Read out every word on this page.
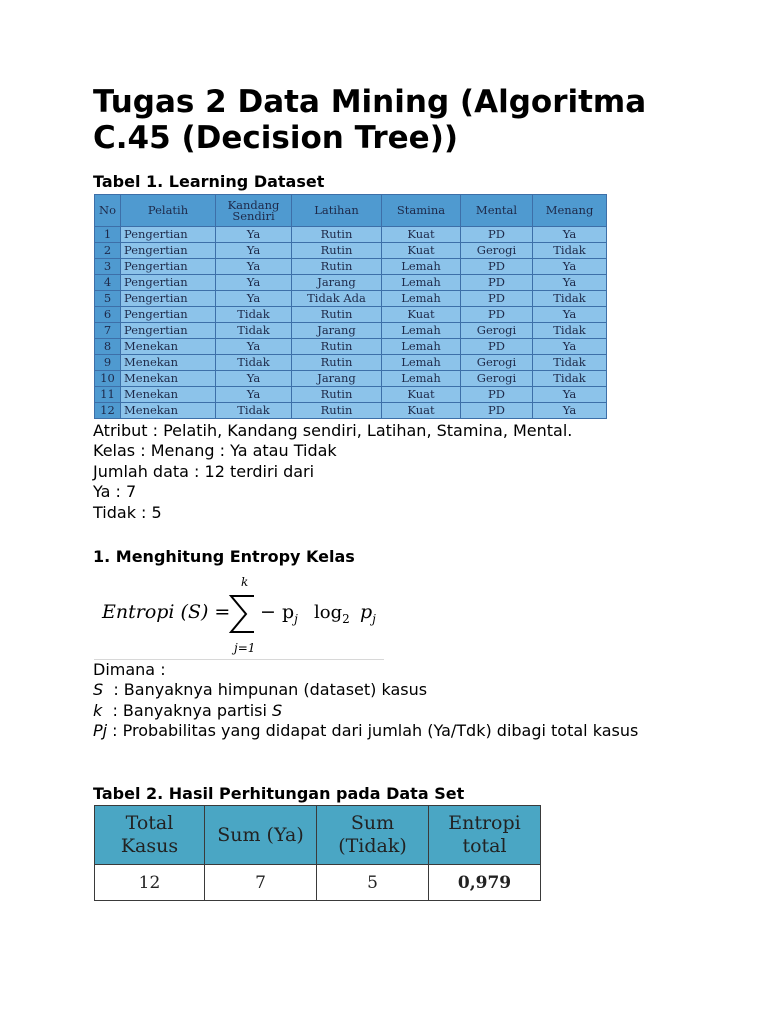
Tugas 2 Data Mining (Algoritma C.45 (Decision Tree))
Tabel 1. Learning Dataset
No	Pelatih	Kandang Sendiri	Latihan	Stamina	Mental	Menang
1	Pengertian	Ya	Rutin	Kuat	PD	Ya
2	Pengertian	Ya	Rutin	Kuat	Gerogi	Tidak
3	Pengertian	Ya	Rutin	Lemah	PD	Ya
4	Pengertian	Ya	Jarang	Lemah	PD	Ya
5	Pengertian	Ya	Tidak Ada	Lemah	PD	Tidak
6	Pengertian	Tidak	Rutin	Kuat	PD	Ya
7	Pengertian	Tidak	Jarang	Lemah	Gerogi	Tidak
8	Menekan	Ya	Rutin	Lemah	PD	Ya
9	Menekan	Tidak	Rutin	Lemah	Gerogi	Tidak
10	Menekan	Ya	Jarang	Lemah	Gerogi	Tidak
11	Menekan	Ya	Rutin	Kuat	PD	Ya
12	Menekan	Tidak	Rutin	Kuat	PD	Ya
Atribut : Pelatih, Kandang sendiri, Latihan, Stamina, Mental.
Kelas : Menang : Ya atau Tidak
Jumlah data : 12 terdiri dari
Ya : 7
Tidak : 5
1. Menghitung Entropy Kelas
Entropi (S) =
k
j=1
− $p_j$ $\log_2 p_j$
Dimana :
S  : Banyaknya himpunan (dataset) kasus
k  : Banyaknya partisi S
Pj : Probabilitas yang didapat dari jumlah (Ya/Tdk) dibagi total kasus
Tabel 2. Hasil Perhitungan pada Data Set
Total Kasus	Sum (Ya)	Sum (Tidak)	Entropi total
12	7	5	0,979
